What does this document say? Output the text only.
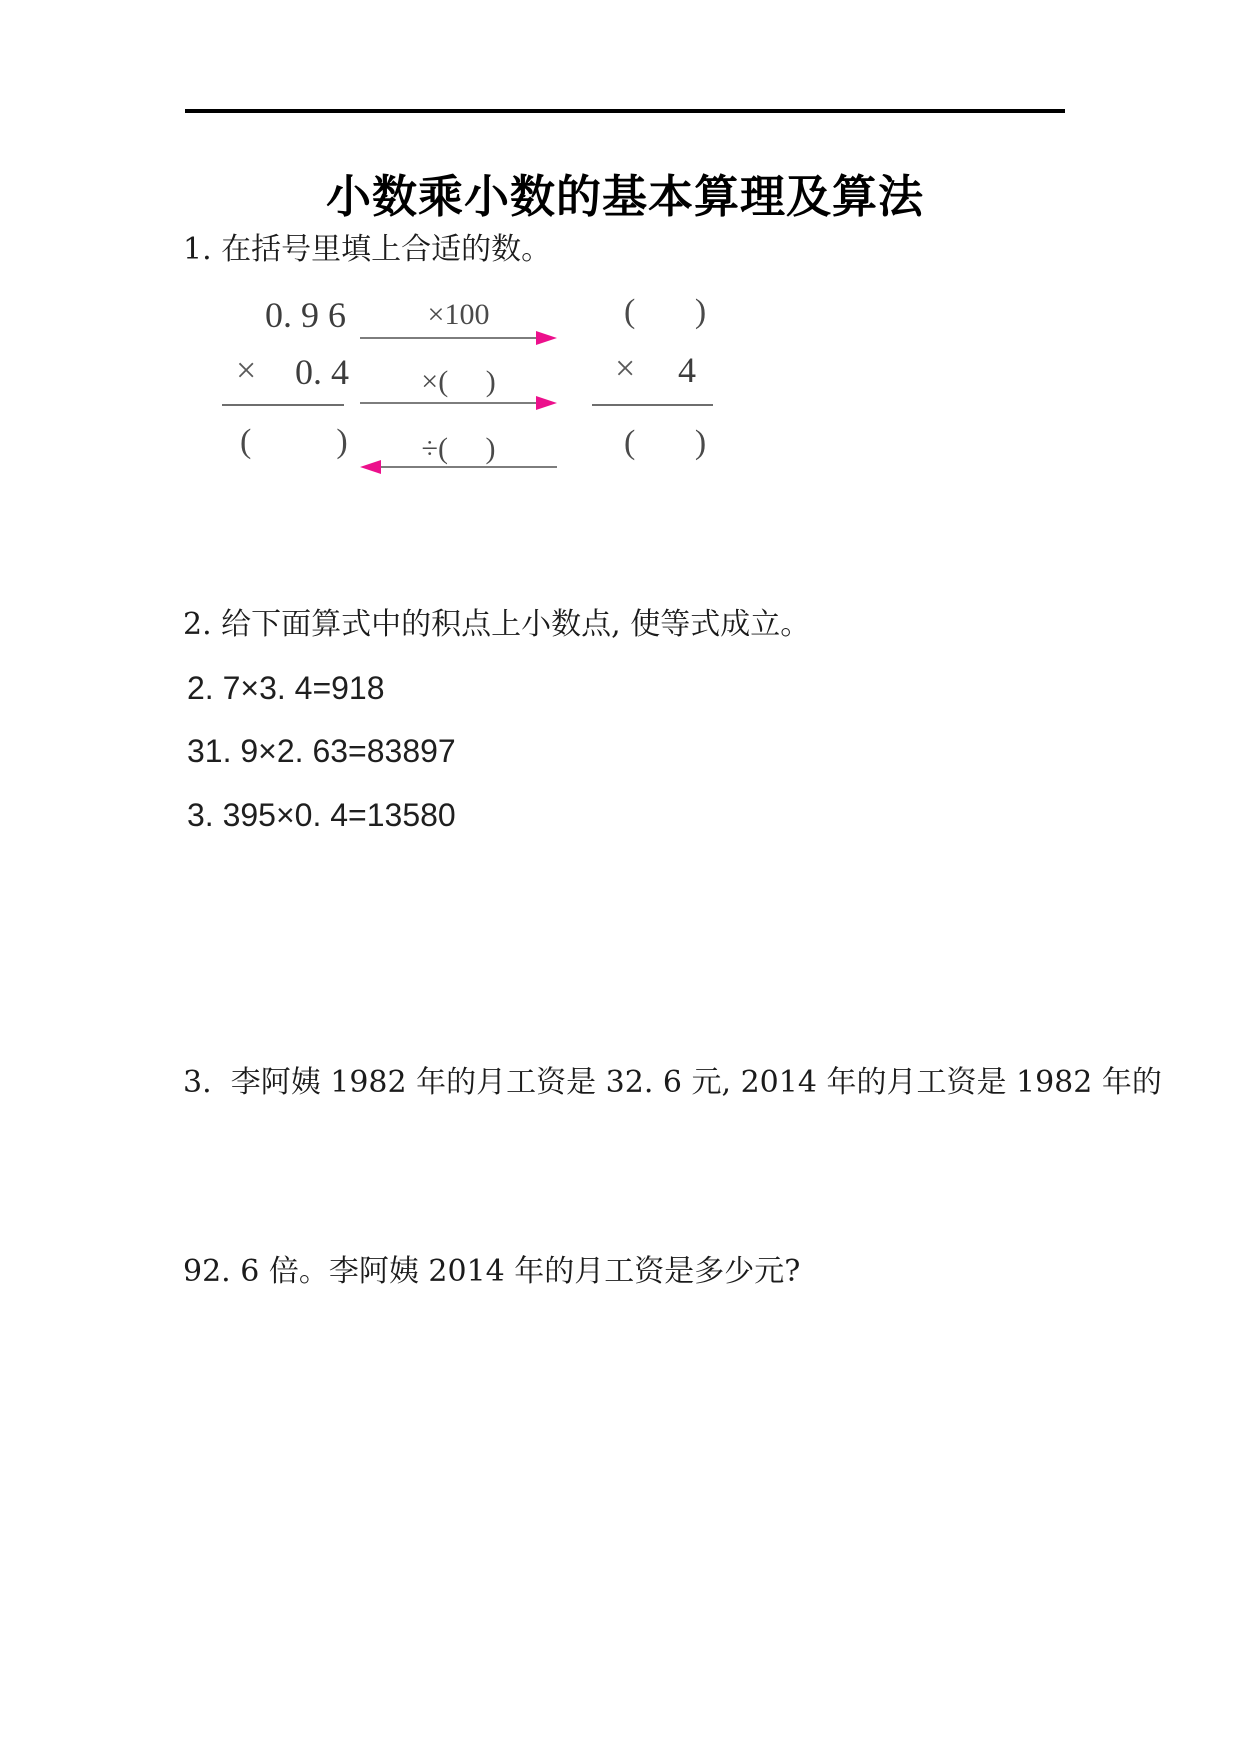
小数乘小数的基本算理及算法
1. 在括号里填上合适的数。
0. 9 6
× 0. 4
(          )
×100
×(     )
÷(     )
(       )
× 4
(       )
2. 给下面算式中的积点上小数点, 使等式成立。
2. 7×3. 4=918
31. 9×2. 63=83897
3. 395×0. 4=13580

3.  李阿姨 1982 年的月工资是 32. 6 元, 2014 年的月工资是 1982 年的

92. 6 倍。李阿姨 2014 年的月工资是多少元?
